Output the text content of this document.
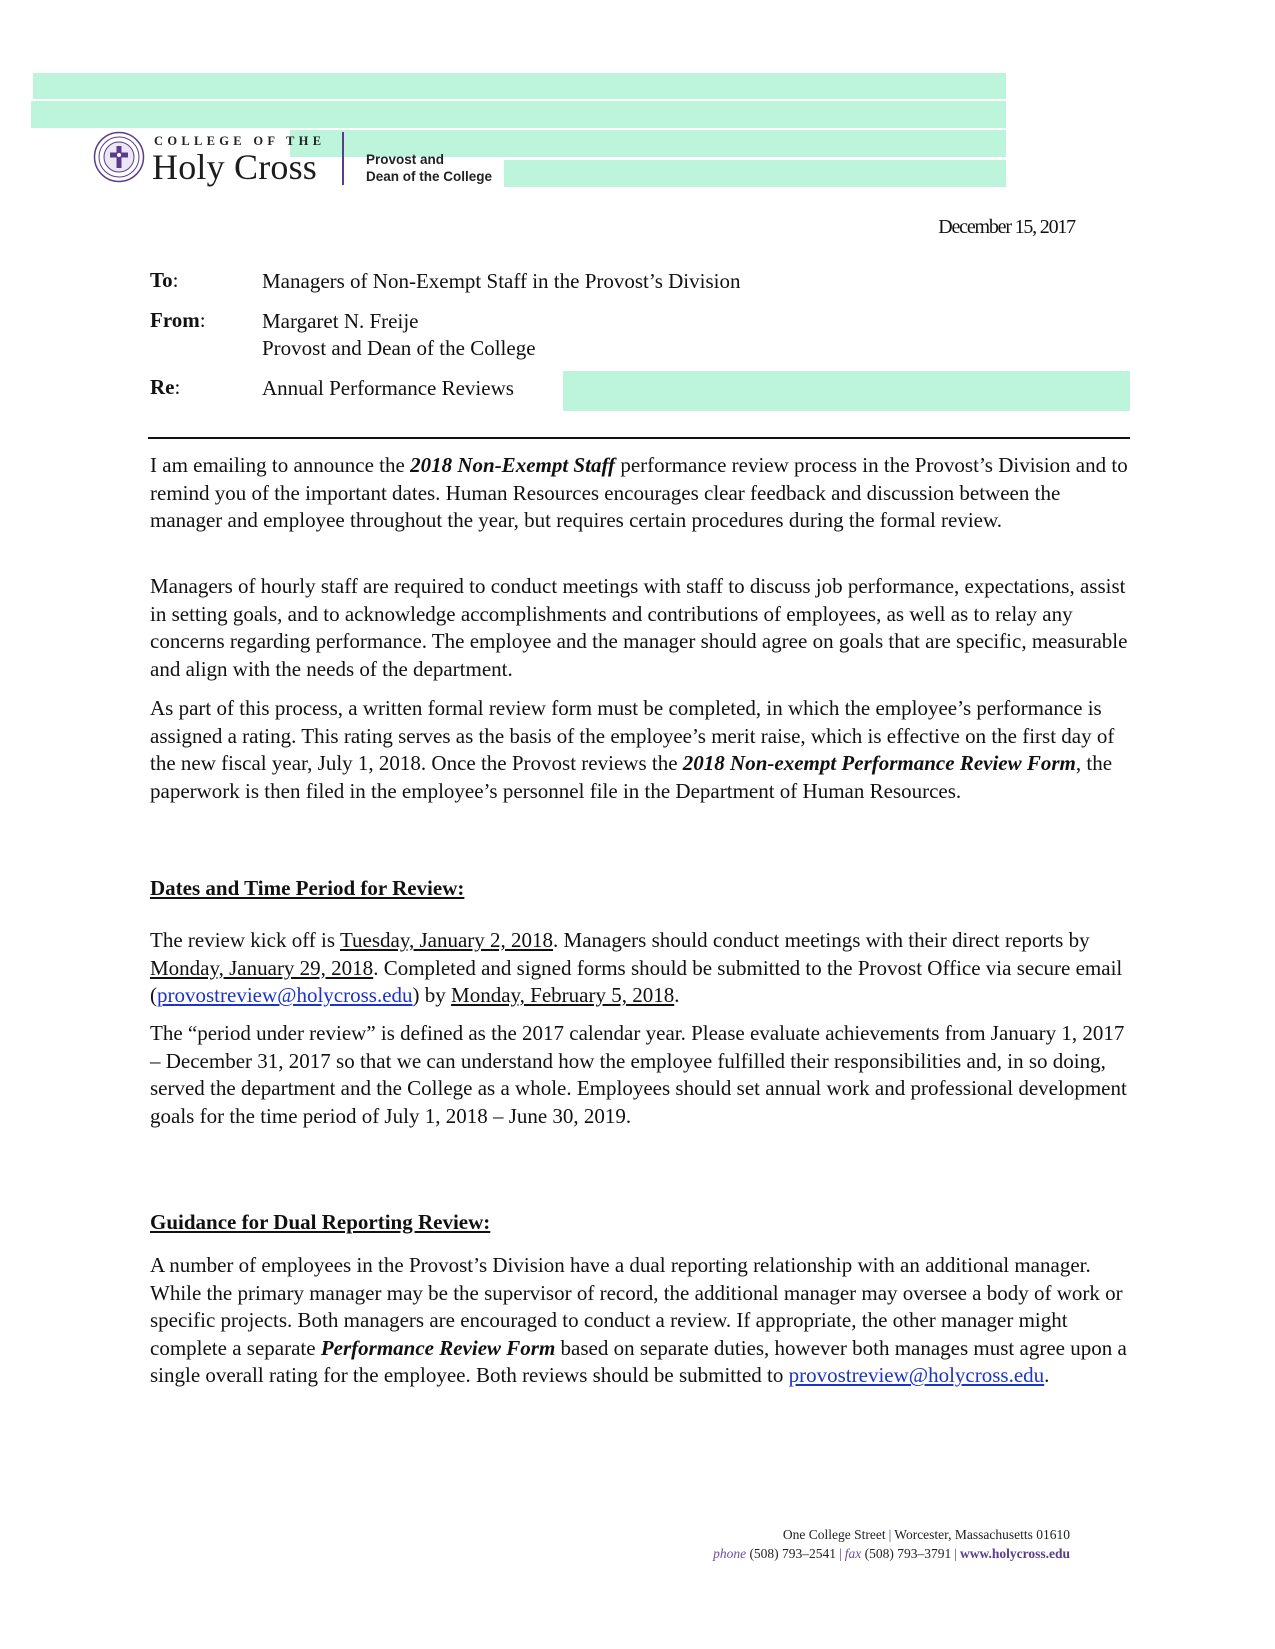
COLLEGE OF THE
Holy Cross	Provost and
Dean of the College
December 15, 2017
To:	Managers of Non-Exempt Staff in the Provost’s Division
From:	Margaret N. Freije
Provost and Dean of the College
Re:	Annual Performance Reviews

I am emailing to announce the 2018 Non-Exempt Staff performance review process in the Provost’s Division and to remind you of the important dates. Human Resources encourages clear feedback and discussion between the manager and employee throughout the year, but requires certain procedures during the formal review.

Managers of hourly staff are required to conduct meetings with staff to discuss job performance, expectations, assist in setting goals, and to acknowledge accomplishments and contributions of employees, as well as to relay any concerns regarding performance. The employee and the manager should agree on goals that are specific, measurable and align with the needs of the department.

As part of this process, a written formal review form must be completed, in which the employee’s performance is assigned a rating. This rating serves as the basis of the employee’s merit raise, which is effective on the first day of the new fiscal year, July 1, 2018. Once the Provost reviews the 2018 Non-exempt Performance Review Form, the paperwork is then filed in the employee’s personnel file in the Department of Human Resources.

Dates and Time Period for Review:

The review kick off is Tuesday, January 2, 2018. Managers should conduct meetings with their direct reports by Monday, January 29, 2018. Completed and signed forms should be submitted to the Provost Office via secure email (provostreview@holycross.edu) by Monday, February 5, 2018.

The “period under review” is defined as the 2017 calendar year. Please evaluate achievements from January 1, 2017 – December 31, 2017 so that we can understand how the employee fulfilled their responsibilities and, in so doing, served the department and the College as a whole. Employees should set annual work and professional development goals for the time period of July 1, 2018 – June 30, 2019.

Guidance for Dual Reporting Review:

A number of employees in the Provost’s Division have a dual reporting relationship with an additional manager. While the primary manager may be the supervisor of record, the additional manager may oversee a body of work or specific projects. Both managers are encouraged to conduct a review. If appropriate, the other manager might complete a separate Performance Review Form based on separate duties, however both manages must agree upon a single overall rating for the employee. Both reviews should be submitted to provostreview@holycross.edu.

One College Street | Worcester, Massachusetts 01610
phone (508) 793–2541 | fax (508) 793–3791 | www.holycross.edu
